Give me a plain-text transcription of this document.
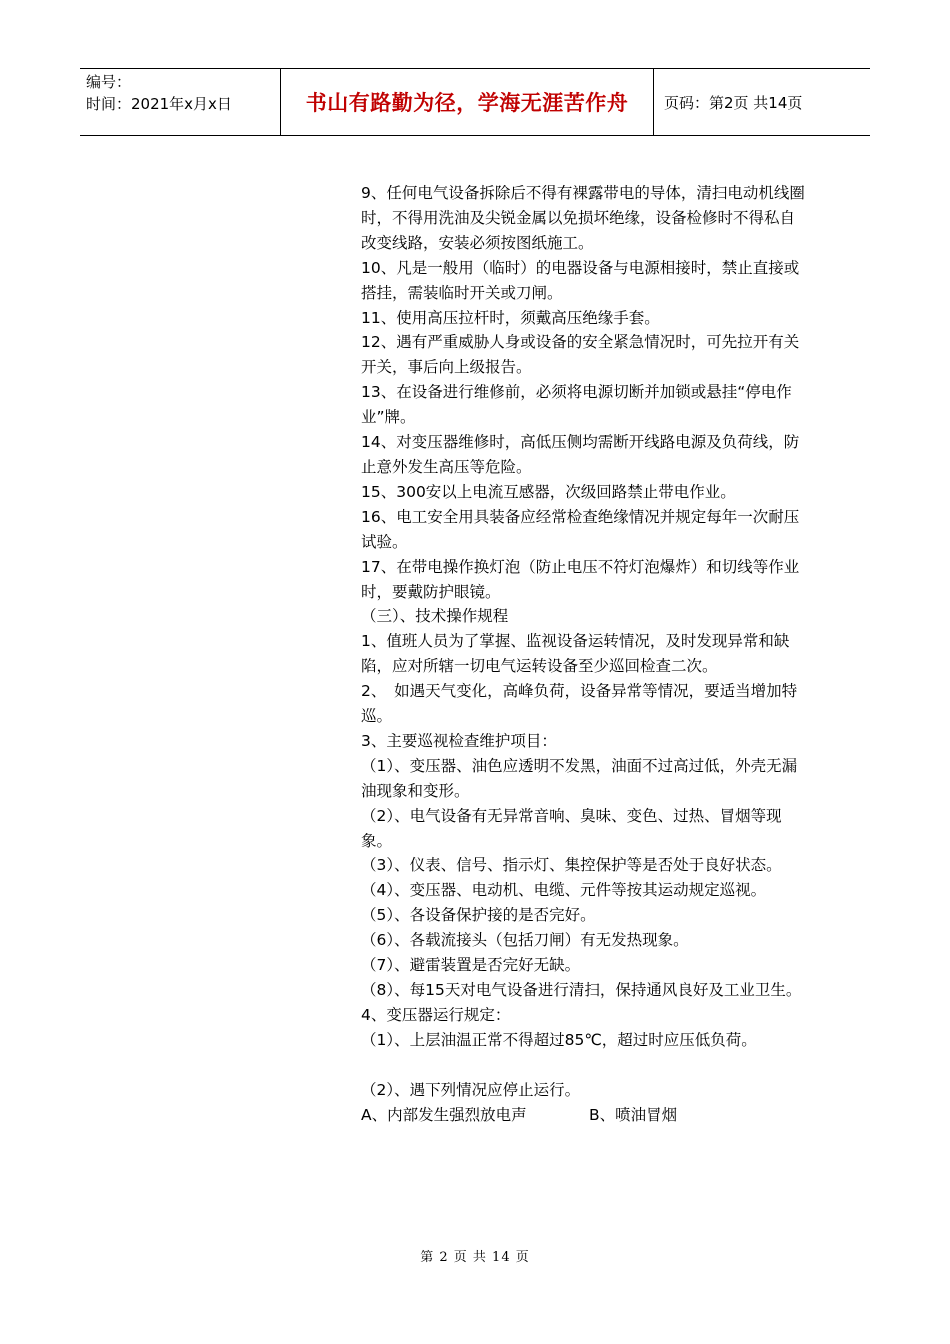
编号：
时间：2021年x月x日	书山有路勤为径，学海无涯苦作舟 页码：第2页 共14页

9、任何电气设备拆除后不得有裸露带电的导体，清扫电动机线圈时，不得用洗油及尖锐金属以免损坏绝缘，设备检修时不得私自改变线路，安装必须按图纸施工。

10、凡是一般用（临时）的电器设备与电源相接时，禁止直接或搭挂，需装临时开关或刀闸。

11、使用高压拉杆时，须戴高压绝缘手套。

12、遇有严重威胁人身或设备的安全紧急情况时，可先拉开有关开关，事后向上级报告。

13、在设备进行维修前，必须将电源切断并加锁或悬挂“停电作业”牌。

14、对变压器维修时，高低压侧均需断开线路电源及负荷线，防止意外发生高压等危险。

15、300安以上电流互感器，次级回路禁止带电作业。

16、电工安全用具装备应经常检查绝缘情况并规定每年一次耐压试验。

17、在带电操作换灯泡（防止电压不符灯泡爆炸）和切线等作业时，要戴防护眼镜。

（三）、技术操作规程

1、值班人员为了掌握、监视设备运转情况，及时发现异常和缺陷，应对所辖一切电气运转设备至少巡回检查二次。

2、　如遇天气变化，高峰负荷，设备异常等情况，要适当增加特巡。

3、主要巡视检查维护项目：

（1）、变压器、油色应透明不发黑，油面不过高过低，外壳无漏油现象和变形。

（2）、电气设备有无异常音响、臭味、变色、过热、冒烟等现象。

（3）、仪表、信号、指示灯、集控保护等是否处于良好状态。

（4）、变压器、电动机、电缆、元件等按其运动规定巡视。

（5）、各设备保护接的是否完好。

（6）、各载流接头（包括刀闸）有无发热现象。

（7）、避雷装置是否完好无缺。

（8）、每15天对电气设备进行清扫，保持通风良好及工业卫生。

4、变压器运行规定：

（1）、上层油温正常不得超过85℃，超过时应压低负荷。

（2）、遇下列情况应停止运行。

A、内部发生强烈放电声	B、喷油冒烟
第 2 页 共 14 页
